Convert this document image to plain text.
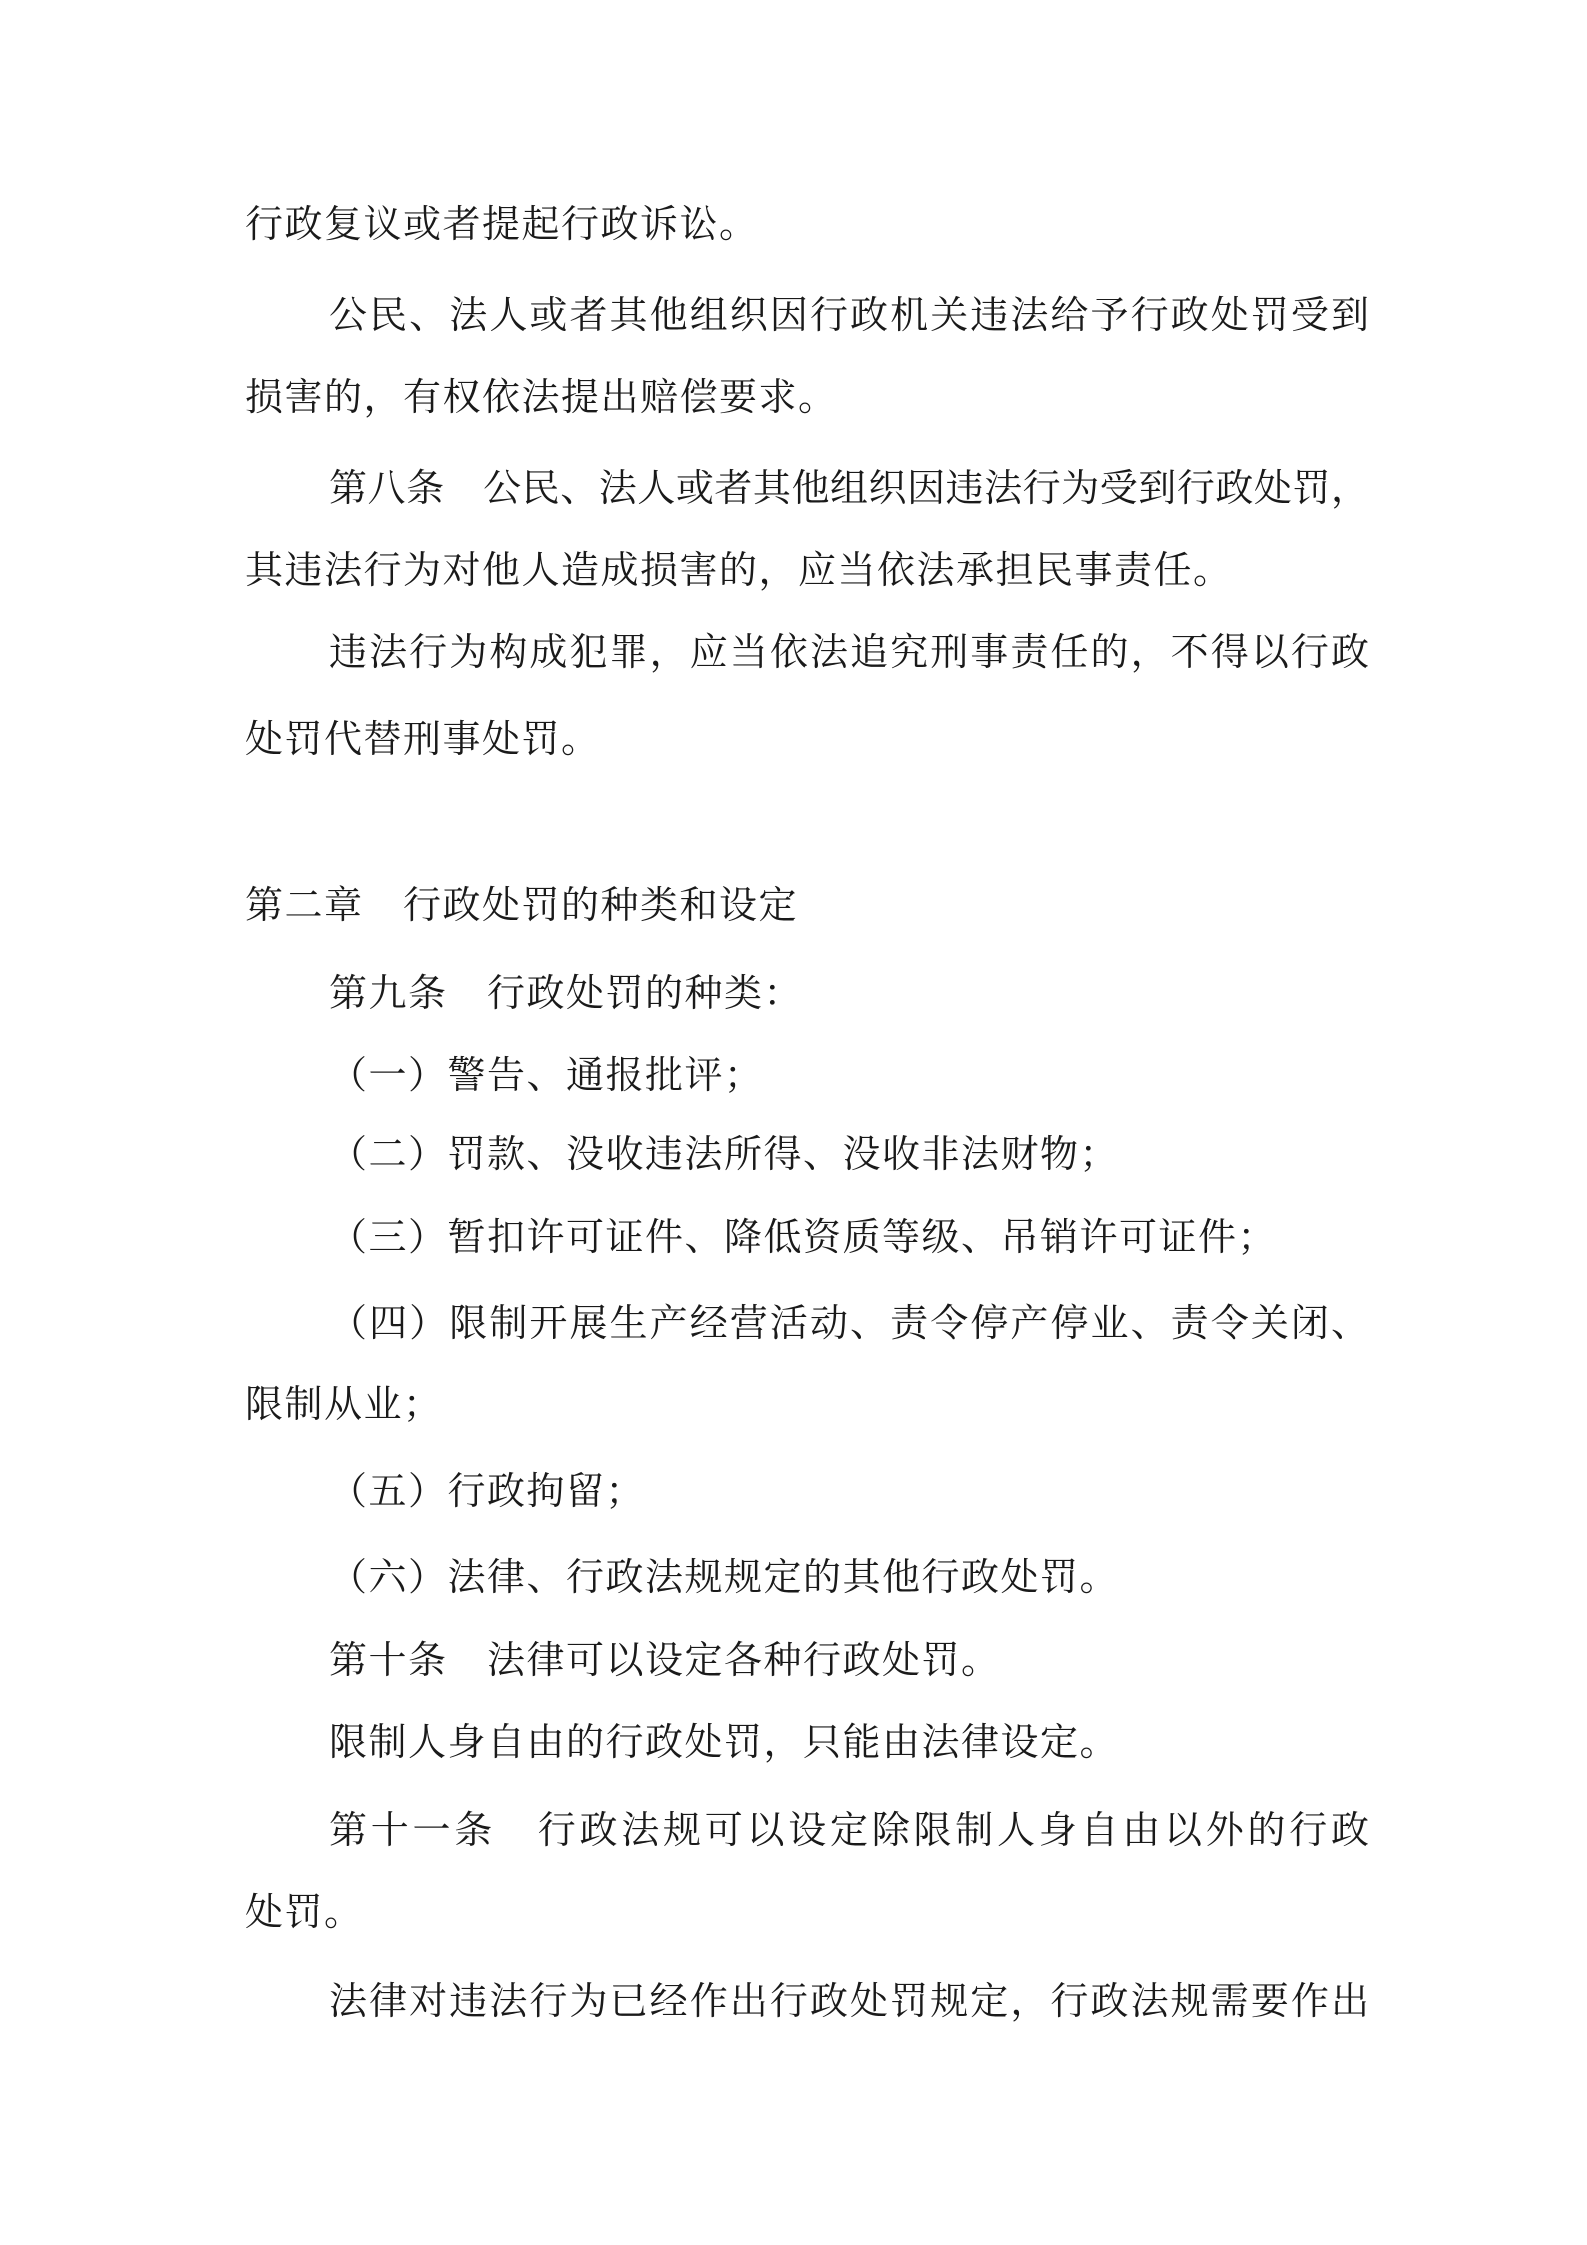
行政复议或者提起行政诉讼。
公民、法人或者其他组织因行政机关违法给予行政处罚受到
损害的，有权依法提出赔偿要求。
第八条　公民、法人或者其他组织因违法行为受到行政处罚，
其违法行为对他人造成损害的，应当依法承担民事责任。
违法行为构成犯罪，应当依法追究刑事责任的，不得以行政
处罚代替刑事处罚。
第二章　行政处罚的种类和设定
第九条　行政处罚的种类：
（一）警告、通报批评；
（二）罚款、没收违法所得、没收非法财物；
（三）暂扣许可证件、降低资质等级、吊销许可证件；
（四）限制开展生产经营活动、责令停产停业、责令关闭、
限制从业；
（五）行政拘留；
（六）法律、行政法规规定的其他行政处罚。
第十条　法律可以设定各种行政处罚。
限制人身自由的行政处罚，只能由法律设定。
第十一条　行政法规可以设定除限制人身自由以外的行政
处罚。
法律对违法行为已经作出行政处罚规定，行政法规需要作出
